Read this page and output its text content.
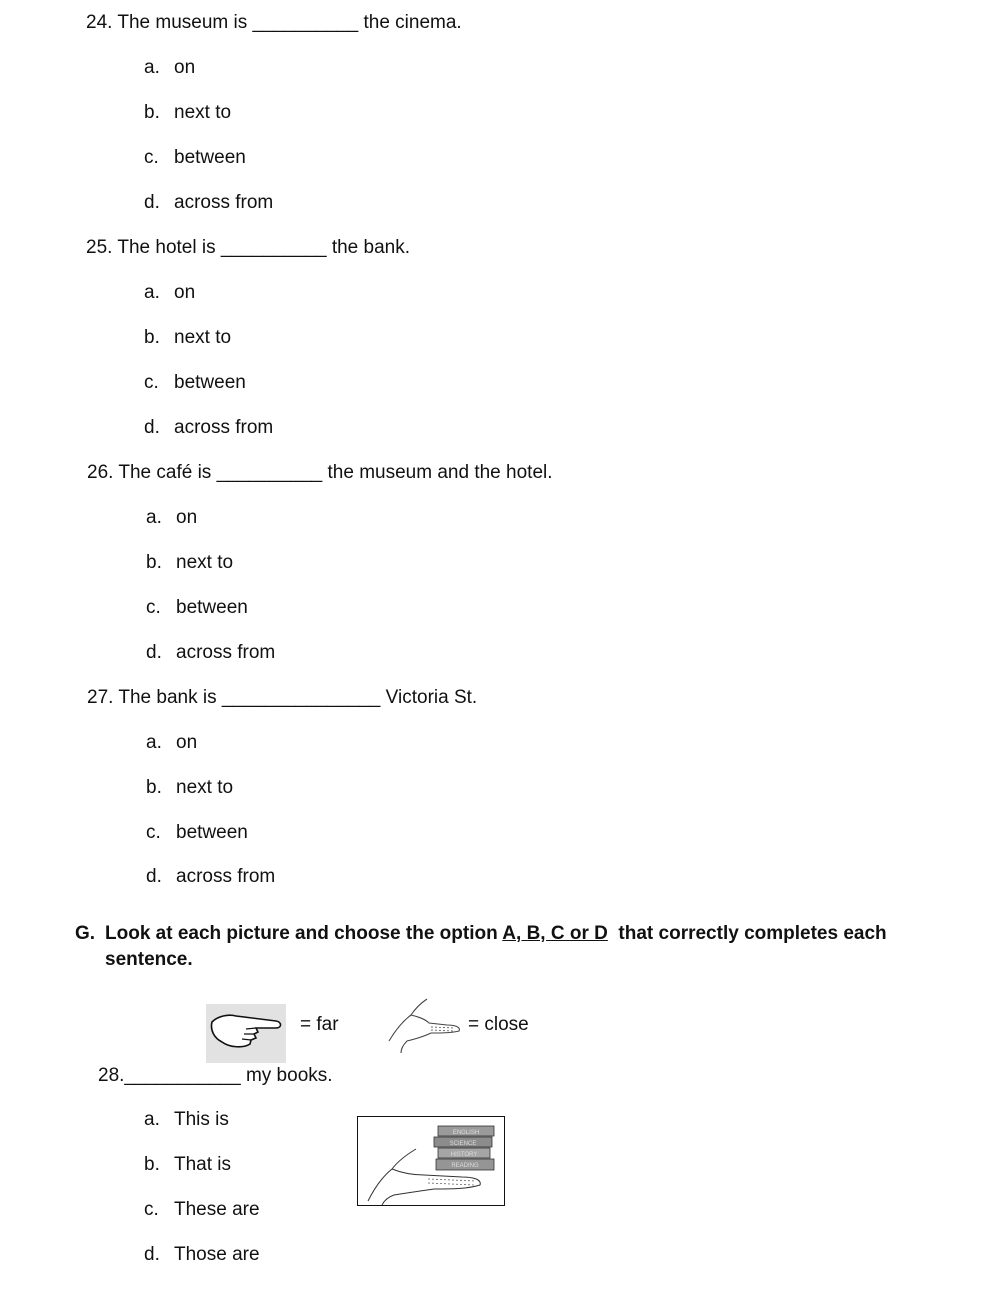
24. The museum is __________ the cinema.
a. on
b. next to
c. between
d. across from
25. The hotel is __________ the bank.
a. on
b. next to
c. between
d. across from
26. The café is __________ the museum and the hotel.
a. on
b. next to
c. between
d. across from
27. The bank is _______________ Victoria St.
a. on
b. next to
c. between
d. across from
G. Look at each picture and choose the option A, B, C or D that correctly completes each
sentence.
= far	= close
28.___________ my books.
a. This is
b. That is
c. These are
d. Those are
ENGLISH
SCIENCE
HISTORY
READING
